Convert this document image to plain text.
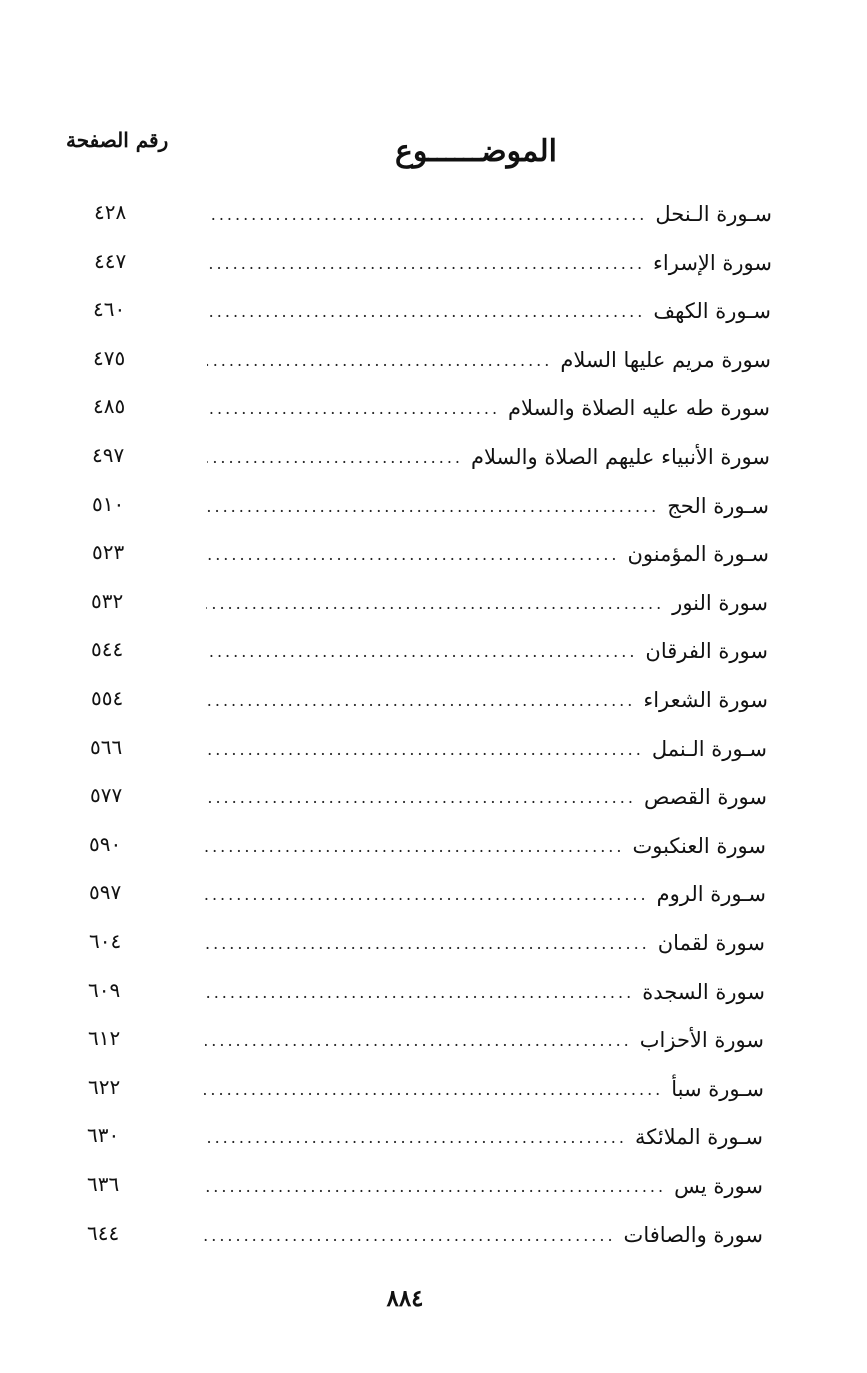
رقم الصفحة	الموضــــــوع
سـورة الـنحل
.....
٤٢٨
سورة الإسراء
.....
٤٤٧
سـورة الكهف
.....
٤٦٠
سورة مريم عليها السلام
.....
٤٧٥
سورة طه عليه الصلاة والسلام
.....
٤٨٥
سورة الأنبياء عليهم الصلاة والسلام
.....
٤٩٧
سـورة الحج
.....
٥١٠
سـورة المؤمنون
.....
٥٢٣
سورة النور
.....
٥٣٢
سورة الفرقان
.....
٥٤٤
سورة الشعراء
.....
٥٥٤
سـورة الـنمل
.....
٥٦٦
سورة القصص
.....
٥٧٧
سورة العنكبوت
.....
٥٩٠
سـورة الروم
.....
٥٩٧
سورة لقمان
.....
٦٠٤
سورة السجدة
.....
٦٠٩
سورة الأحزاب
.....
٦١٢
سـورة سبأ
.....
٦٢٢
سـورة الملائكة
.....
٦٣٠
سورة يس
.....
٦٣٦
سورة والصافات
.....
٦٤٤
٨٨٤
